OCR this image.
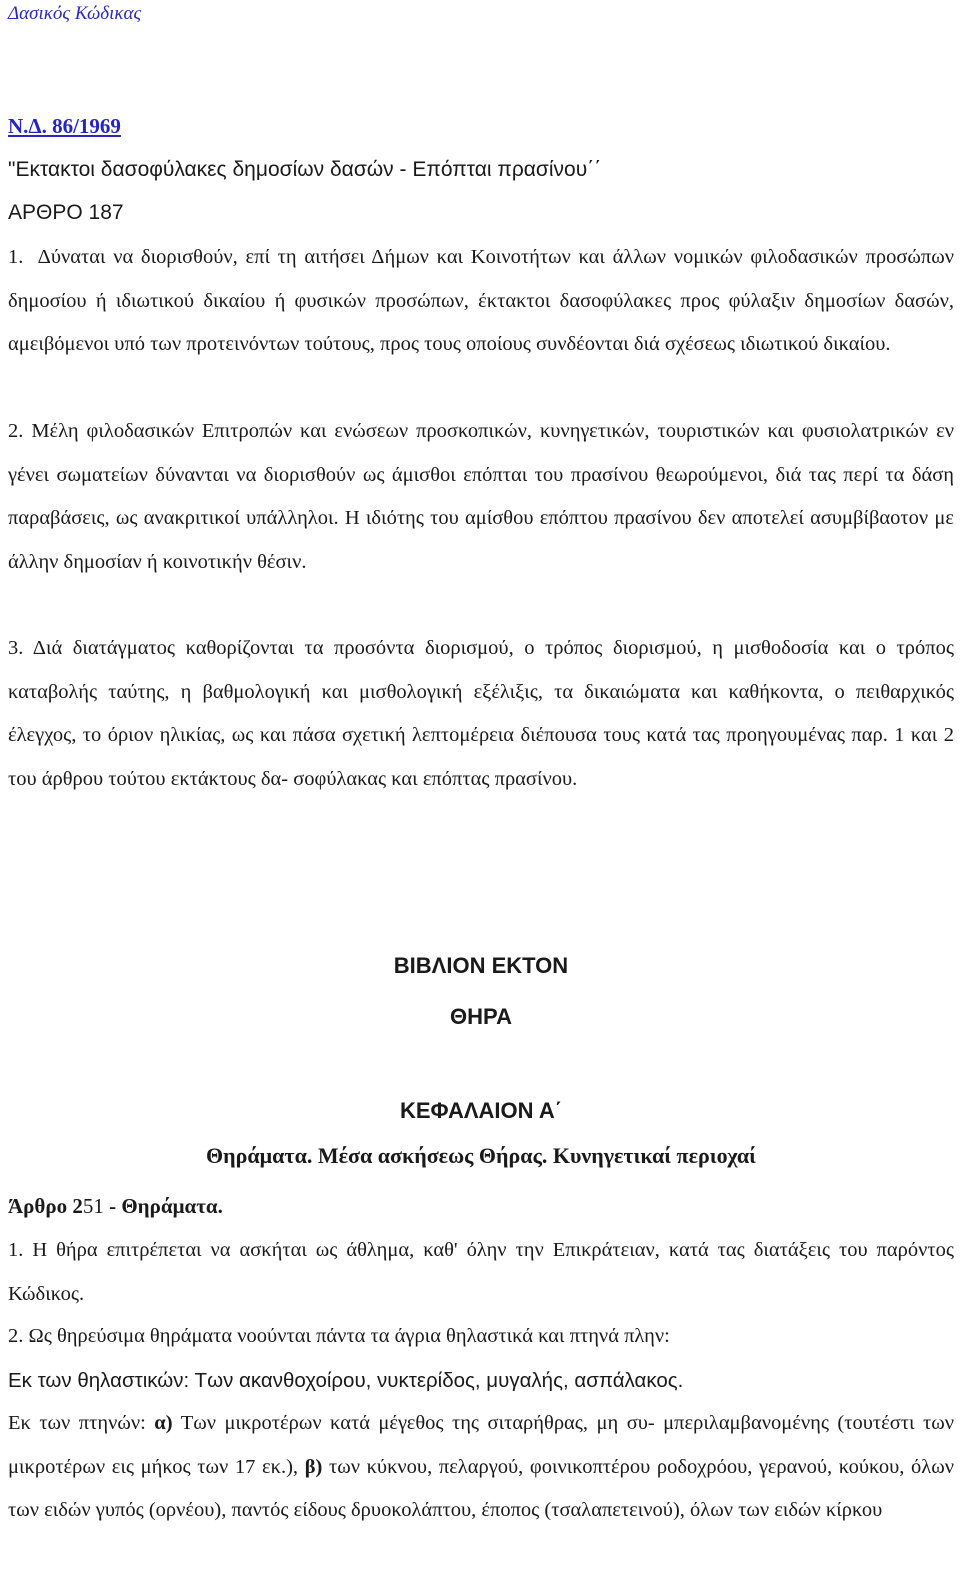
Δασικός Κώδικας
Ν.Δ. 86/1969
"Εκτακτοι δασοφύλακες δημοσίων δασών - Επόπται πρασίνου΄΄
ΑΡΘΡΟ 187
1. Δύναται να διορισθούν, επί τη αιτήσει Δήμων και Κοινοτήτων και άλλων νομικών φιλοδασικών προσώπων δημοσίου ή ιδιωτικού δικαίου ή φυσικών προσώπων, έκτακτοι δασοφύλακες προς φύλαξιν δημοσίων δασών, αμειβόμενοι υπό των προτεινόντων τούτους, προς τους οποίους συνδέονται διά σχέσεως ιδιωτικού δικαίου.
2. Μέλη φιλοδασικών Επιτροπών και ενώσεων προσκοπικών, κυνηγετικών, τουριστικών και φυσιολατρικών εν γένει σωματείων δύνανται να διορισθούν ως άμισθοι επόπται του πρασίνου θεωρούμενοι, διά τας περί τα δάση παραβάσεις, ως ανακριτικοί υπάλληλοι. Η ιδιότης του αμίσθου επόπτου πρασίνου δεν αποτελεί ασυμβίβαοτον με άλλην δημοσίαν ή κοινοτικήν θέσιν.
3. Διά διατάγματος καθορίζονται τα προσόντα διορισμού, ο τρόπος διορισμού, η μισθοδοσία και ο τρόπος καταβολής ταύτης, η βαθμολογική και μισθολογική εξέλιξις, τα δικαιώματα και καθήκοντα, ο πειθαρχικός έλεγχος, το όριον ηλικίας, ως και πάσα σχετική λεπτομέρεια διέπουσα τους κατά τας προηγουμένας παρ. 1 και 2 του άρθρου τούτου εκτάκτους δα- σοφύλακας και επόπτας πρασίνου.
ΒΙΒΛΙΟΝ ΕΚΤΟΝ
ΘΗΡΑ
ΚΕΦΑΛΑΙΟΝ Α΄
Θηράματα. Μέσα ασκήσεως Θήρας. Κυνηγετικαί περιοχαί
Άρθρο 251 - Θηράματα.
1. Η θήρα επιτρέπεται να ασκήται ως άθλημα, καθ' όλην την Επικράτειαν, κατά τας διατάξεις του παρόντος Κώδικος.
2. Ως θηρεύσιμα θηράματα νοούνται πάντα τα άγρια θηλαστικά και πτηνά πλην:
Εκ των θηλαστικών: Των ακανθοχοίρου, νυκτερίδος, μυγαλής, ασπάλακος.
Εκ των πτηνών: α) Των μικροτέρων κατά μέγεθος της σιταρήθρας, μη συ- μπεριλαμβανομένης (τουτέστι των μικροτέρων εις μήκος των 17 εκ.), β) των κύκνου, πελαργού, φοινικοπτέρου ροδοχρόου, γερανού, κούκου, όλων των ειδών γυπός (ορνέου), παντός είδους δρυοκολάπτου, έποπος (τσαλαπετεινού), όλων των ειδών κίρκου
